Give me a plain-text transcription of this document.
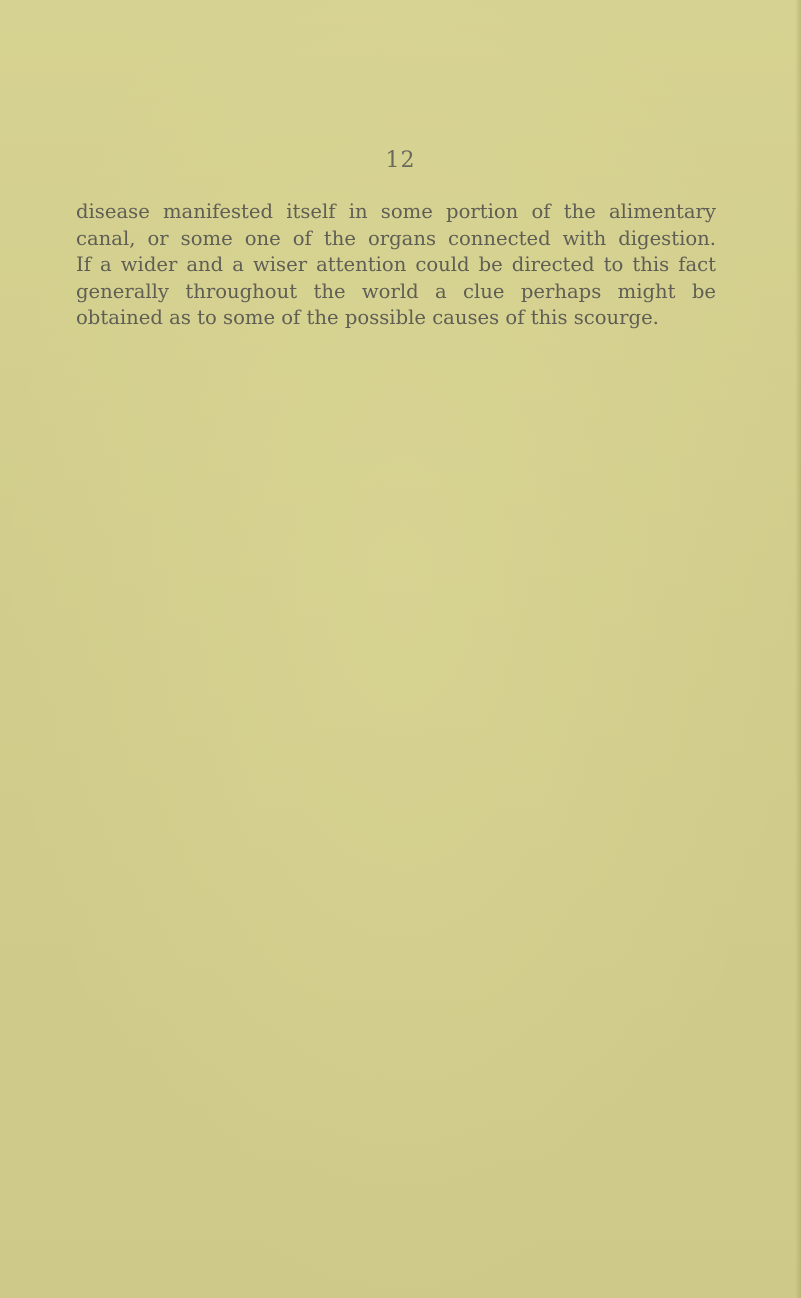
12

disease manifested itself in some portion of the alimentary
canal, or some one of the organs connected with digestion.
If a wider and a wiser attention could be directed to this fact
generally throughout the world a clue perhaps might be
obtained as to some of the possible causes of this scourge.
